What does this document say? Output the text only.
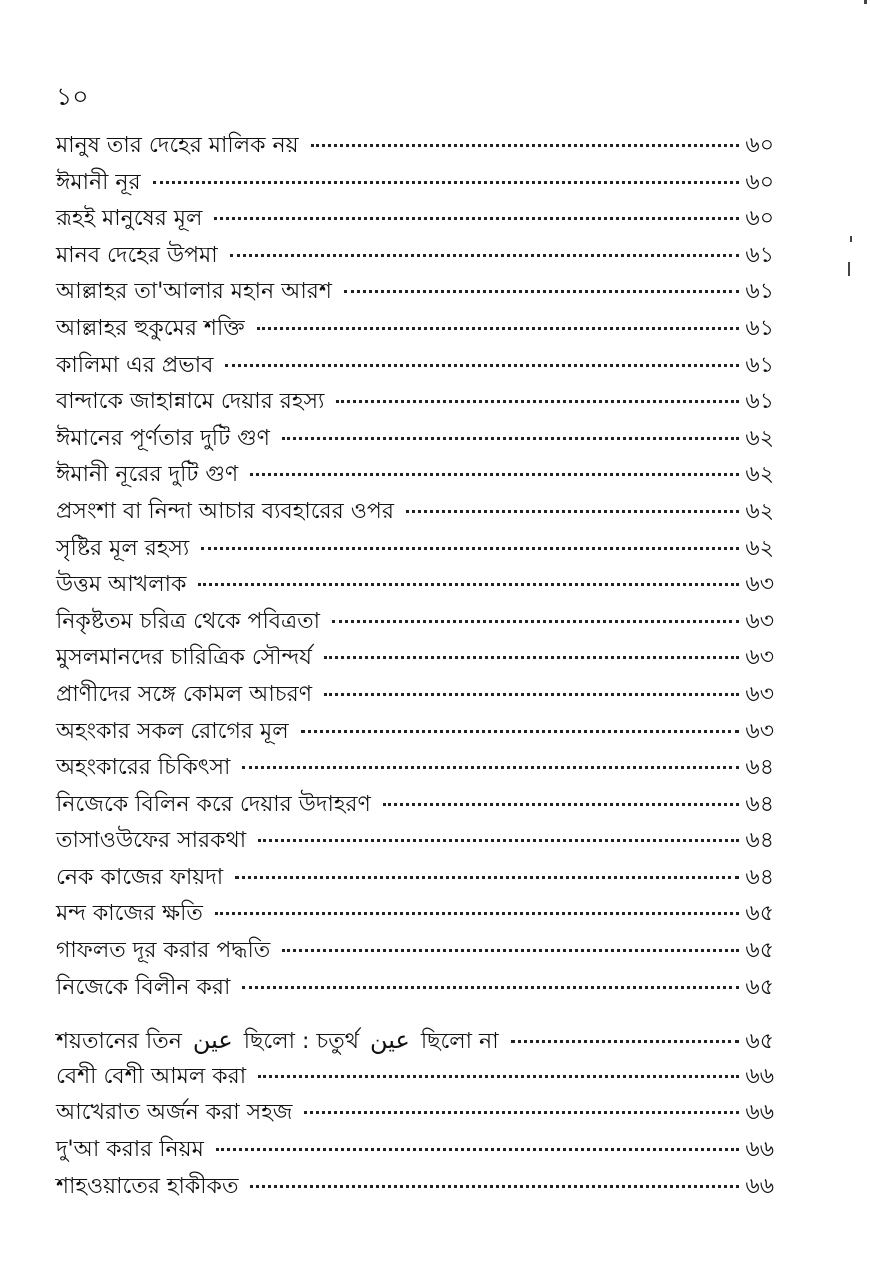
১০
মানুষ তার দেহের মালিক নয়	৬০
ঈমানী নূর	৬০
রূহই মানুষের মূল	৬০
মানব দেহের উপমা	৬১
আল্লাহর তা'আলার মহান আরশ	৬১
আল্লাহর হুকুমের শক্তি	৬১
কালিমা এর প্রভাব	৬১
বান্দাকে জাহান্নামে দেয়ার রহস্য	৬১
ঈমানের পূর্ণতার দুটি গুণ	৬২
ঈমানী নূরের দুটি গুণ	৬২
প্রসংশা বা নিন্দা আচার ব্যবহারের ওপর	৬২
সৃষ্টির মূল রহস্য	৬২
উত্তম আখলাক	৬৩
নিকৃষ্টতম চরিত্র থেকে পবিত্রতা	৬৩
মুসলমানদের চারিত্রিক সৌন্দর্য	৬৩
প্রাণীদের সঙ্গে কোমল আচরণ	৬৩
অহংকার সকল রোগের মূল	৬৩
অহংকারের চিকিৎসা	৬৪
নিজেকে বিলিন করে দেয়ার উদাহরণ	৬৪
তাসাওউফের সারকথা	৬৪
নেক কাজের ফায়দা	৬৪
মন্দ কাজের ক্ষতি	৬৫
গাফলত দূর করার পদ্ধতি	৬৫
নিজেকে বিলীন করা	৬৫
শয়তানের তিন عين ছিলো : চতুর্থ عين ছিলো না	৬৫
বেশী বেশী আমল করা	৬৬
আখেরাত অর্জন করা সহজ	৬৬
দু'আ করার নিয়ম	৬৬
শাহওয়াতের হাকীকত	৬৬
